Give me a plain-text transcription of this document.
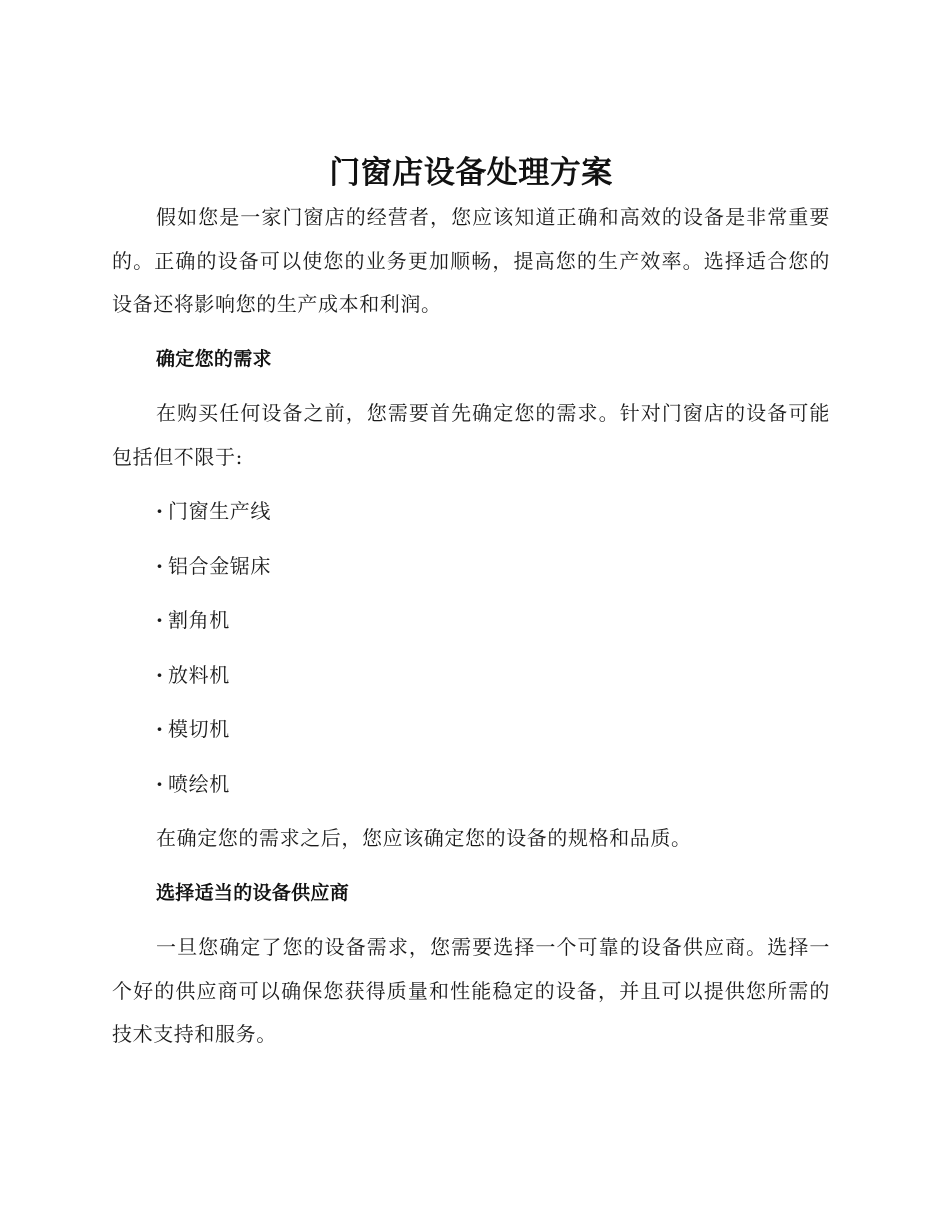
门窗店设备处理方案

假如您是一家门窗店的经营者，您应该知道正确和高效的设备是非常重要的。正确的设备可以使您的业务更加顺畅，提高您的生产效率。选择适合您的设备还将影响您的生产成本和利润。

确定您的需求

在购买任何设备之前，您需要首先确定您的需求。针对门窗店的设备可能包括但不限于:

· 门窗生产线
· 铝合金锯床
· 割角机
· 放料机
· 模切机
· 喷绘机

在确定您的需求之后，您应该确定您的设备的规格和品质。

选择适当的设备供应商

一旦您确定了您的设备需求，您需要选择一个可靠的设备供应商。选择一个好的供应商可以确保您获得质量和性能稳定的设备，并且可以提供您所需的技术支持和服务。
